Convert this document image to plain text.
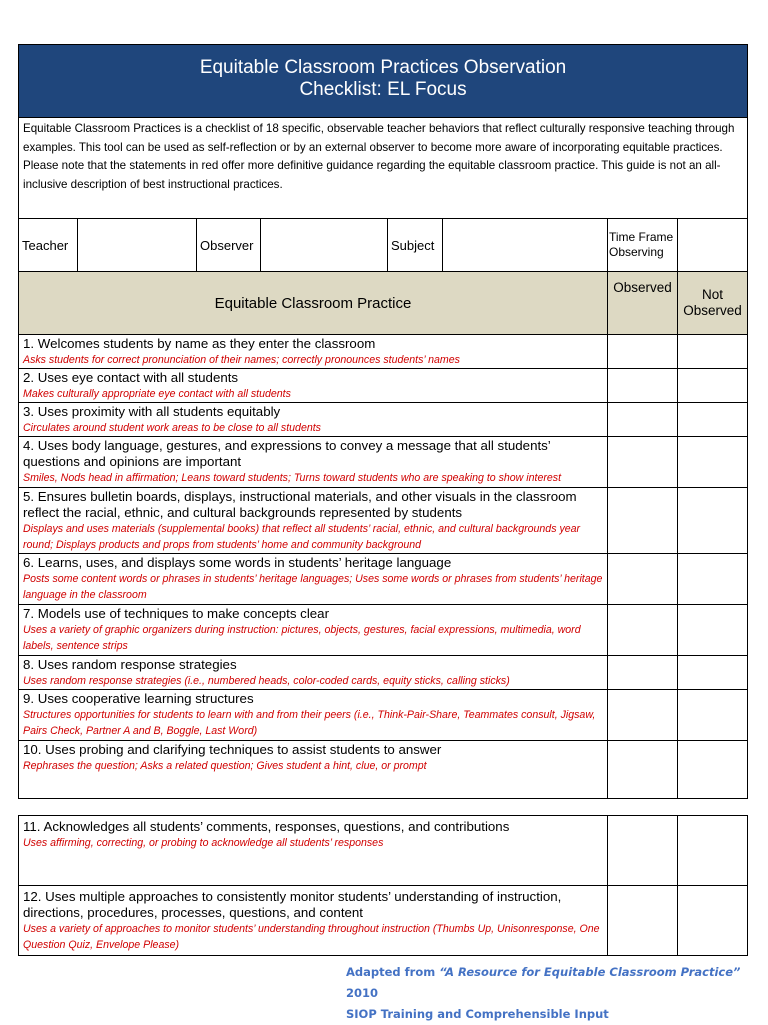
Equitable Classroom Practices Observation
Checklist: EL Focus							
Equitable Classroom Practices is a checklist of 18 specific, observable teacher behaviors that reflect culturally responsive teaching through examples. This tool can be used as self-reflection or by an external observer to become more aware of incorporating equitable practices. Please note that the statements in red offer more definitive guidance regarding the equitable classroom practice. This guide is not an all-inclusive description of best instructional practices.							
Teacher		Observer		Subject		Time Frame
Observing	
Equitable Classroom Practice						Observed	Not
Observed

1. Welcomes students by name as they enter the classroom
Asks students for correct pronunciation of their names; correctly pronounces students’ names							

2. Uses eye contact with all students
Makes culturally appropriate eye contact with all students							

3. Uses proximity with all students equitably
Circulates around student work areas to be close to all students							

4. Uses body language, gestures, and expressions to convey a message that all students’ questions and opinions are important
Smiles, Nods head in affirmation; Leans toward students; Turns toward students who are speaking to show interest							

5. Ensures bulletin boards, displays, instructional materials, and other visuals in the classroom reflect the racial, ethnic, and cultural backgrounds represented by students
Displays and uses materials (supplemental books) that reflect all students’ racial, ethnic, and cultural backgrounds year round; Displays products and props from students’ home and community background							

6. Learns, uses, and displays some words in students’ heritage language
Posts some content words or phrases in students’ heritage languages; Uses some words or phrases from students’ heritage language in the classroom							

7. Models use of techniques to make concepts clear
Uses a variety of graphic organizers during instruction: pictures, objects, gestures, facial expressions, multimedia, word labels, sentence strips							

8. Uses random response strategies
Uses random response strategies (i.e., numbered heads, color-coded cards, equity sticks, calling sticks)							

9. Uses cooperative learning structures
Structures opportunities for students to learn with and from their peers (i.e., Think-Pair-Share, Teammates consult, Jigsaw, Pairs Check, Partner A and B, Boggle, Last Word)							

10. Uses probing and clarifying techniques to assist students to answer
Rephrases the question; Asks a related question; Gives student a hint, clue, or prompt							

11. Acknowledges all students’ comments, responses, questions, and contributions
Uses affirming, correcting, or probing to acknowledge all students’ responses		

12. Uses multiple approaches to consistently monitor students’ understanding of instruction, directions, procedures, processes, questions, and content
Uses a variety of approaches to monitor students’ understanding throughout instruction (Thumbs Up, Unisonresponse, One Question Quiz, Envelope Please)		

Adapted from “A Resource for Equitable Classroom Practice” 2010
SIOP Training and Comprehensible Input
